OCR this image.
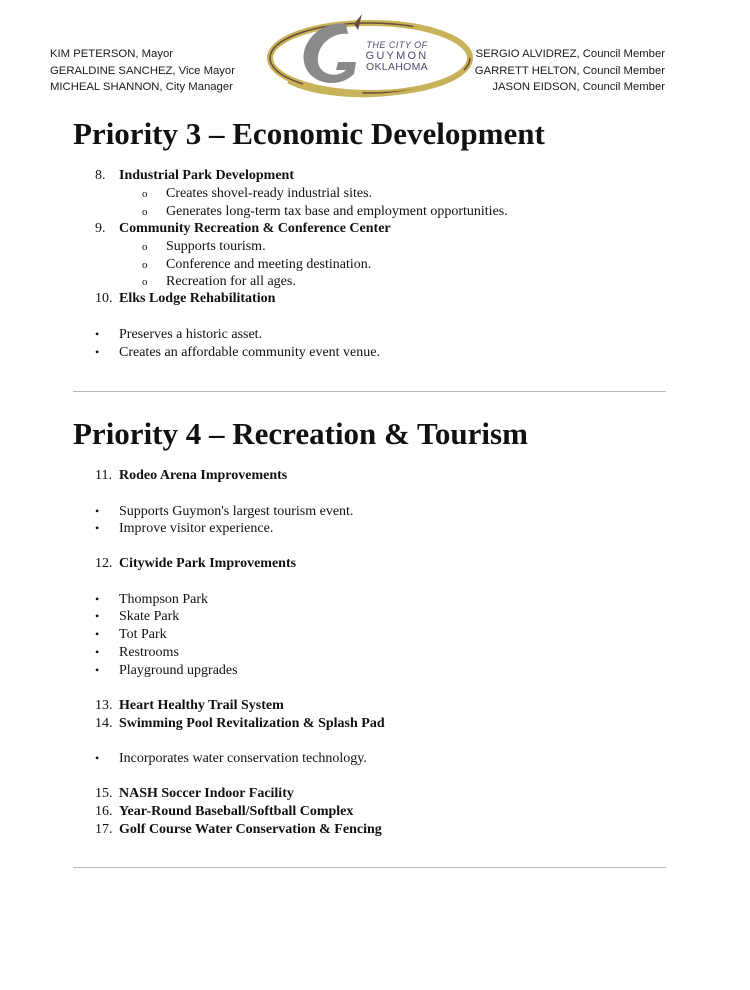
KIM PETERSON, Mayor
GERALDINE SANCHEZ, Vice Mayor
MICHEAL SHANNON, City Manager
THE CITY OF
GUYMON
OKLAHOMA
SERGIO ALVIDREZ, Council Member
GARRETT HELTON, Council Member
JASON EIDSON, Council Member
Priority 3 – Economic Development
8. Industrial Park Development
o Creates shovel-ready industrial sites.
o Generates long-term tax base and employment opportunities.
9. Community Recreation & Conference Center
o Supports tourism.
o Conference and meeting destination.
o Recreation for all ages.
10. Elks Lodge Rehabilitation
• Preserves a historic asset.
• Creates an affordable community event venue.
Priority 4 – Recreation & Tourism
11. Rodeo Arena Improvements
• Supports Guymon's largest tourism event.
• Improve visitor experience.
12. Citywide Park Improvements
• Thompson Park
• Skate Park
• Tot Park
• Restrooms
• Playground upgrades
13. Heart Healthy Trail System
14. Swimming Pool Revitalization & Splash Pad
• Incorporates water conservation technology.
15. NASH Soccer Indoor Facility
16. Year-Round Baseball/Softball Complex
17. Golf Course Water Conservation & Fencing
